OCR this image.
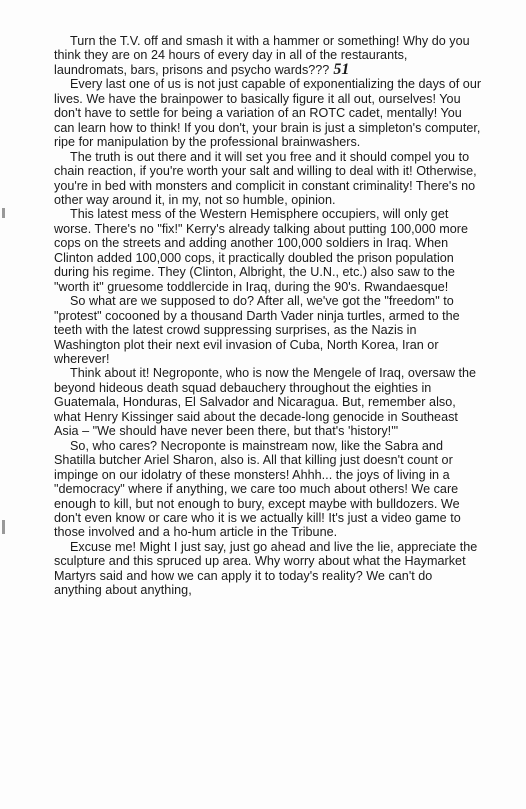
Turn the T.V. off and smash it with a hammer or something! Why do you think they are on 24 hours of every day in all of the restaurants, laundromats, bars, prisons and psycho wards??? 51

Every last one of us is not just capable of exponentializing the days of our lives. We have the brainpower to basically figure it all out, ourselves! You don't have to settle for being a variation of an ROTC cadet, mentally! You can learn how to think! If you don't, your brain is just a simpleton's computer, ripe for manipulation by the professional brainwashers.

The truth is out there and it will set you free and it should compel you to chain reaction, if you're worth your salt and willing to deal with it! Otherwise, you're in bed with monsters and complicit in constant criminality! There's no other way around it, in my, not so humble, opinion.

This latest mess of the Western Hemisphere occupiers, will only get worse. There's no "fix!" Kerry's already talking about putting 100,000 more cops on the streets and adding another 100,000 soldiers in Iraq. When Clinton added 100,000 cops, it practically doubled the prison population during his regime. They (Clinton, Albright, the U.N., etc.) also saw to the "worth it" gruesome toddlercide in Iraq, during the 90's. Rwandaesque!

So what are we supposed to do? After all, we've got the "freedom" to "protest" cocooned by a thousand Darth Vader ninja turtles, armed to the teeth with the latest crowd suppressing surprises, as the Nazis in Washington plot their next evil invasion of Cuba, North Korea, Iran or wherever!

Think about it! Negroponte, who is now the Mengele of Iraq, oversaw the beyond hideous death squad debauchery throughout the eighties in Guatemala, Honduras, El Salvador and Nicaragua. But, remember also, what Henry Kissinger said about the decade-long genocide in Southeast Asia – "We should have never been there, but that's 'history!'"

So, who cares? Necroponte is mainstream now, like the Sabra and Shatilla butcher Ariel Sharon, also is. All that killing just doesn't count or impinge on our idolatry of these monsters! Ahhh... the joys of living in a "democracy" where if anything, we care too much about others! We care enough to kill, but not enough to bury, except maybe with bulldozers. We don't even know or care who it is we actually kill! It's just a video game to those involved and a ho-hum article in the Tribune.

Excuse me! Might I just say, just go ahead and live the lie, appreciate the sculpture and this spruced up area. Why worry about what the Haymarket Martyrs said and how we can apply it to today's reality? We can't do anything about anything,
